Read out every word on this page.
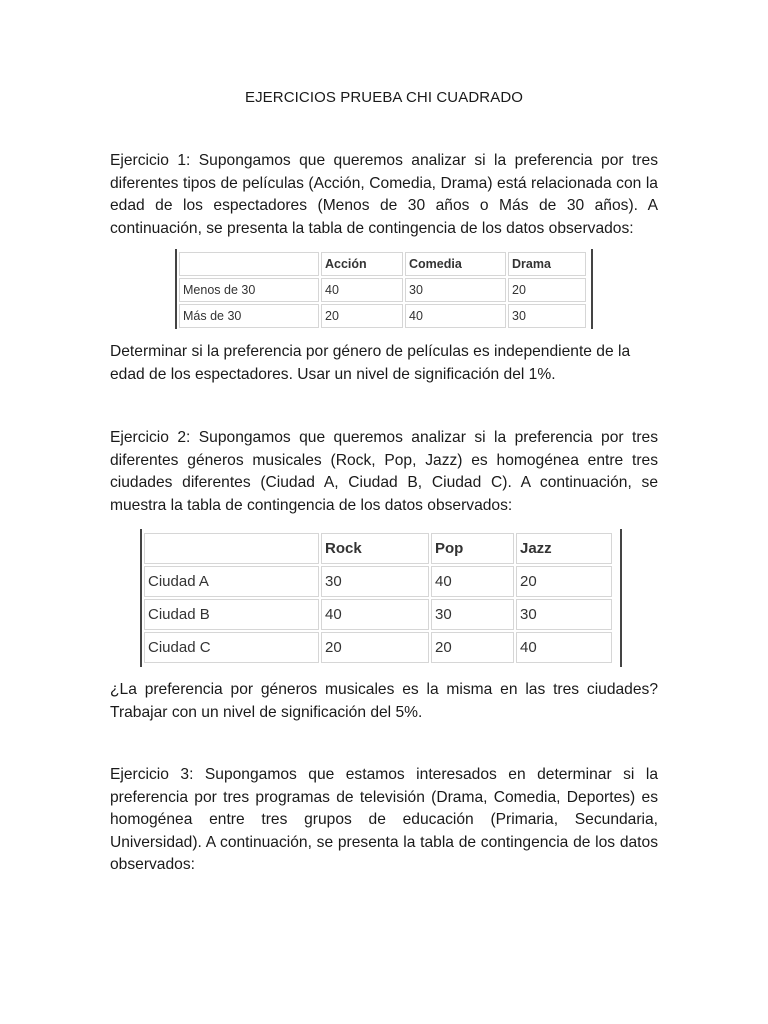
EJERCICIOS PRUEBA CHI CUADRADO

Ejercicio 1: Supongamos que queremos analizar si la preferencia por tres diferentes tipos de películas (Acción, Comedia, Drama) está relacionada con la edad de los espectadores (Menos de 30 años o Más de 30 años). A continuación, se presenta la tabla de contingencia de los datos observados:

	Acción	Comedia	Drama
Menos de 30	40	30	20
Más de 30	20	40	30

Determinar si la preferencia por género de películas es independiente de la edad de los espectadores. Usar un nivel de significación del 1%.

Ejercicio 2: Supongamos que queremos analizar si la preferencia por tres diferentes géneros musicales (Rock, Pop, Jazz) es homogénea entre tres ciudades diferentes (Ciudad A, Ciudad B, Ciudad C). A continuación, se muestra la tabla de contingencia de los datos observados:

	Rock	Pop	Jazz
Ciudad A	30	40	20
Ciudad B	40	30	30
Ciudad C	20	20	40

¿La preferencia por géneros musicales es la misma en las tres ciudades? Trabajar con un nivel de significación del 5%.

Ejercicio 3: Supongamos que estamos interesados en determinar si la preferencia por tres programas de televisión (Drama, Comedia, Deportes) es homogénea entre tres grupos de educación (Primaria, Secundaria, Universidad). A continuación, se presenta la tabla de contingencia de los datos observados:
